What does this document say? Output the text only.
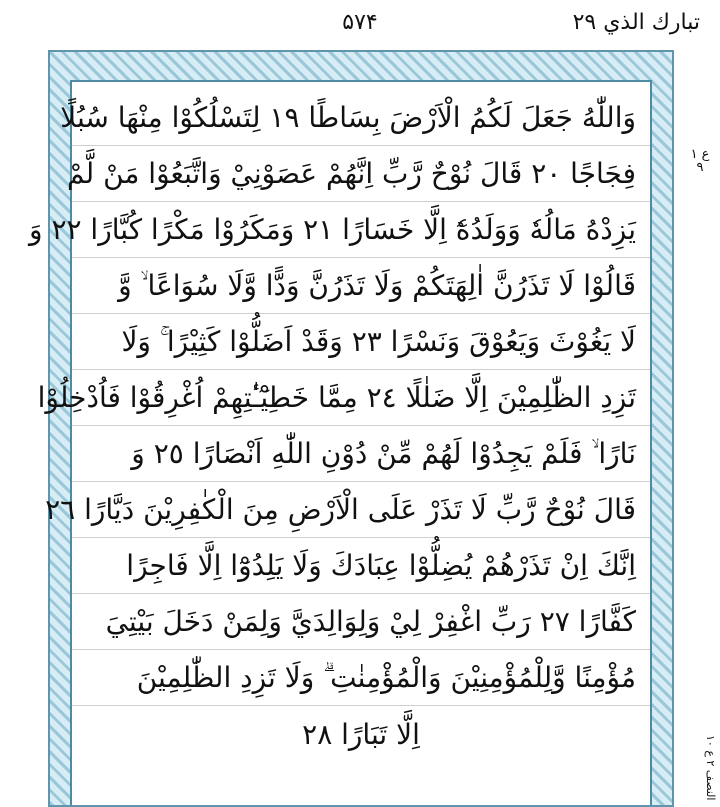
۵۷۴	تبارك الذي ٢٩
وَاللّٰهُ جَعَلَ لَكُمُ الْاَرْضَ بِسَاطًا ١٩ لِتَسْلُكُوْا مِنْهَا سُبُلًا
فِجَاجًا ٢٠ قَالَ نُوْحٌ رَّبِّ اِنَّهُمْ عَصَوْنِيْ وَاتَّبَعُوْا مَنْ لَّمْ
يَزِدْهُ مَالُهٗ وَوَلَدُهٗٓ اِلَّا خَسَارًا ٢١ وَمَكَرُوْا مَكْرًا كُبَّارًا ٢٢ وَ
قَالُوْا لَا تَذَرُنَّ اٰلِهَتَكُمْ وَلَا تَذَرُنَّ وَدًّا وَّلَا سُوَاعًا ۙ وَّ
لَا يَغُوْثَ وَيَعُوْقَ وَنَسْرًا ٢٣ وَقَدْ اَضَلُّوْا كَثِيْرًا ۚ وَلَا
تَزِدِ الظّٰلِمِيْنَ اِلَّا ضَلٰلًا ٢٤ مِمَّا خَطِيْٓـٰٔتِهِمْ اُغْرِقُوْا فَاُدْخِلُوْا
نَارًا ۙ فَلَمْ يَجِدُوْا لَهُمْ مِّنْ دُوْنِ اللّٰهِ اَنْصَارًا ٢٥ وَ
قَالَ نُوْحٌ رَّبِّ لَا تَذَرْ عَلَى الْاَرْضِ مِنَ الْكٰفِرِيْنَ دَيَّارًا ٢٦
اِنَّكَ اِنْ تَذَرْهُمْ يُضِلُّوْا عِبَادَكَ وَلَا يَلِدُوْٓا اِلَّا فَاجِرًا
كَفَّارًا ٢٧ رَبِّ اغْفِرْ لِيْ وَلِوَالِدَيَّ وَلِمَنْ دَخَلَ بَيْتِيَ
مُؤْمِنًا وَّلِلْمُؤْمِنِيْنَ وَالْمُؤْمِنٰتِ ۗ وَلَا تَزِدِ الظّٰلِمِيْنَ
اِلَّا تَبَارًا ٢٨
ع ١ ٩
النصف ٢ ع ١٠
